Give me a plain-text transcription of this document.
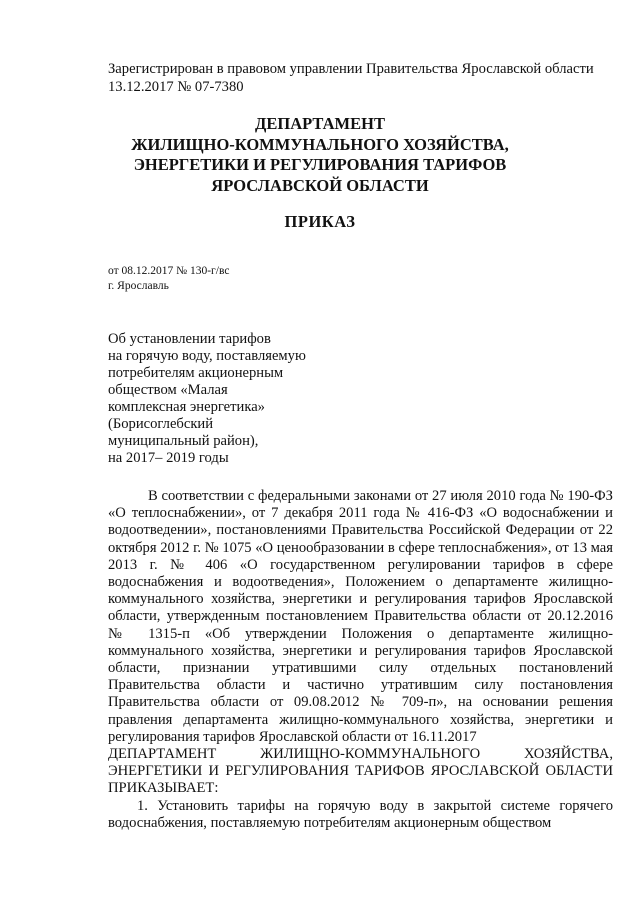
Зарегистрирован в правовом управлении Правительства Ярославской области
13.12.2017 № 07-7380
ДЕПАРТАМЕНТ
ЖИЛИЩНО-КОММУНАЛЬНОГО ХОЗЯЙСТВА,
ЭНЕРГЕТИКИ И РЕГУЛИРОВАНИЯ ТАРИФОВ
ЯРОСЛАВСКОЙ ОБЛАСТИ
ПРИКАЗ
от 08.12.2017 № 130-г/вс
г. Ярославль
Об установлении тарифов
на горячую воду, поставляемую
потребителям акционерным
обществом «Малая
комплексная энергетика»
(Борисоглебский
муниципальный район),
на 2017– 2019 годы

В соответствии с федеральными законами от 27 июля 2010 года № 190-ФЗ «О теплоснабжении», от 7 декабря 2011 года № 416-ФЗ «О водоснабжении и водоотведении», постановлениями Правительства Российской Федерации от 22 октября 2012 г. № 1075 «О ценообразовании в сфере теплоснабжения», от 13 мая 2013 г. № 406 «О государственном регулировании тарифов в сфере водоснабжения и водоотведения», Положением о департаменте жилищно-коммунального хозяйства, энергетики и регулирования тарифов Ярославской области, утвержденным постановлением Правительства области от 20.12.2016 № 1315-п «Об утверждении Положения о департаменте жилищно-коммунального хозяйства, энергетики и регулирования тарифов Ярославской области, признании утратившими силу отдельных постановлений Правительства области и частично утратившим силу постановления Правительства области от 09.08.2012 № 709-п», на основании решения правления департамента жилищно-коммунального хозяйства, энергетики и регулирования тарифов Ярославской области от 16.11.2017

ДЕПАРТАМЕНТ ЖИЛИЩНО-КОММУНАЛЬНОГО ХОЗЯЙСТВА, ЭНЕРГЕТИКИ И РЕГУЛИРОВАНИЯ ТАРИФОВ ЯРОСЛАВСКОЙ ОБЛАСТИ ПРИКАЗЫВАЕТ:

1. Установить тарифы на горячую воду в закрытой системе горячего водоснабжения, поставляемую потребителям акционерным обществом
